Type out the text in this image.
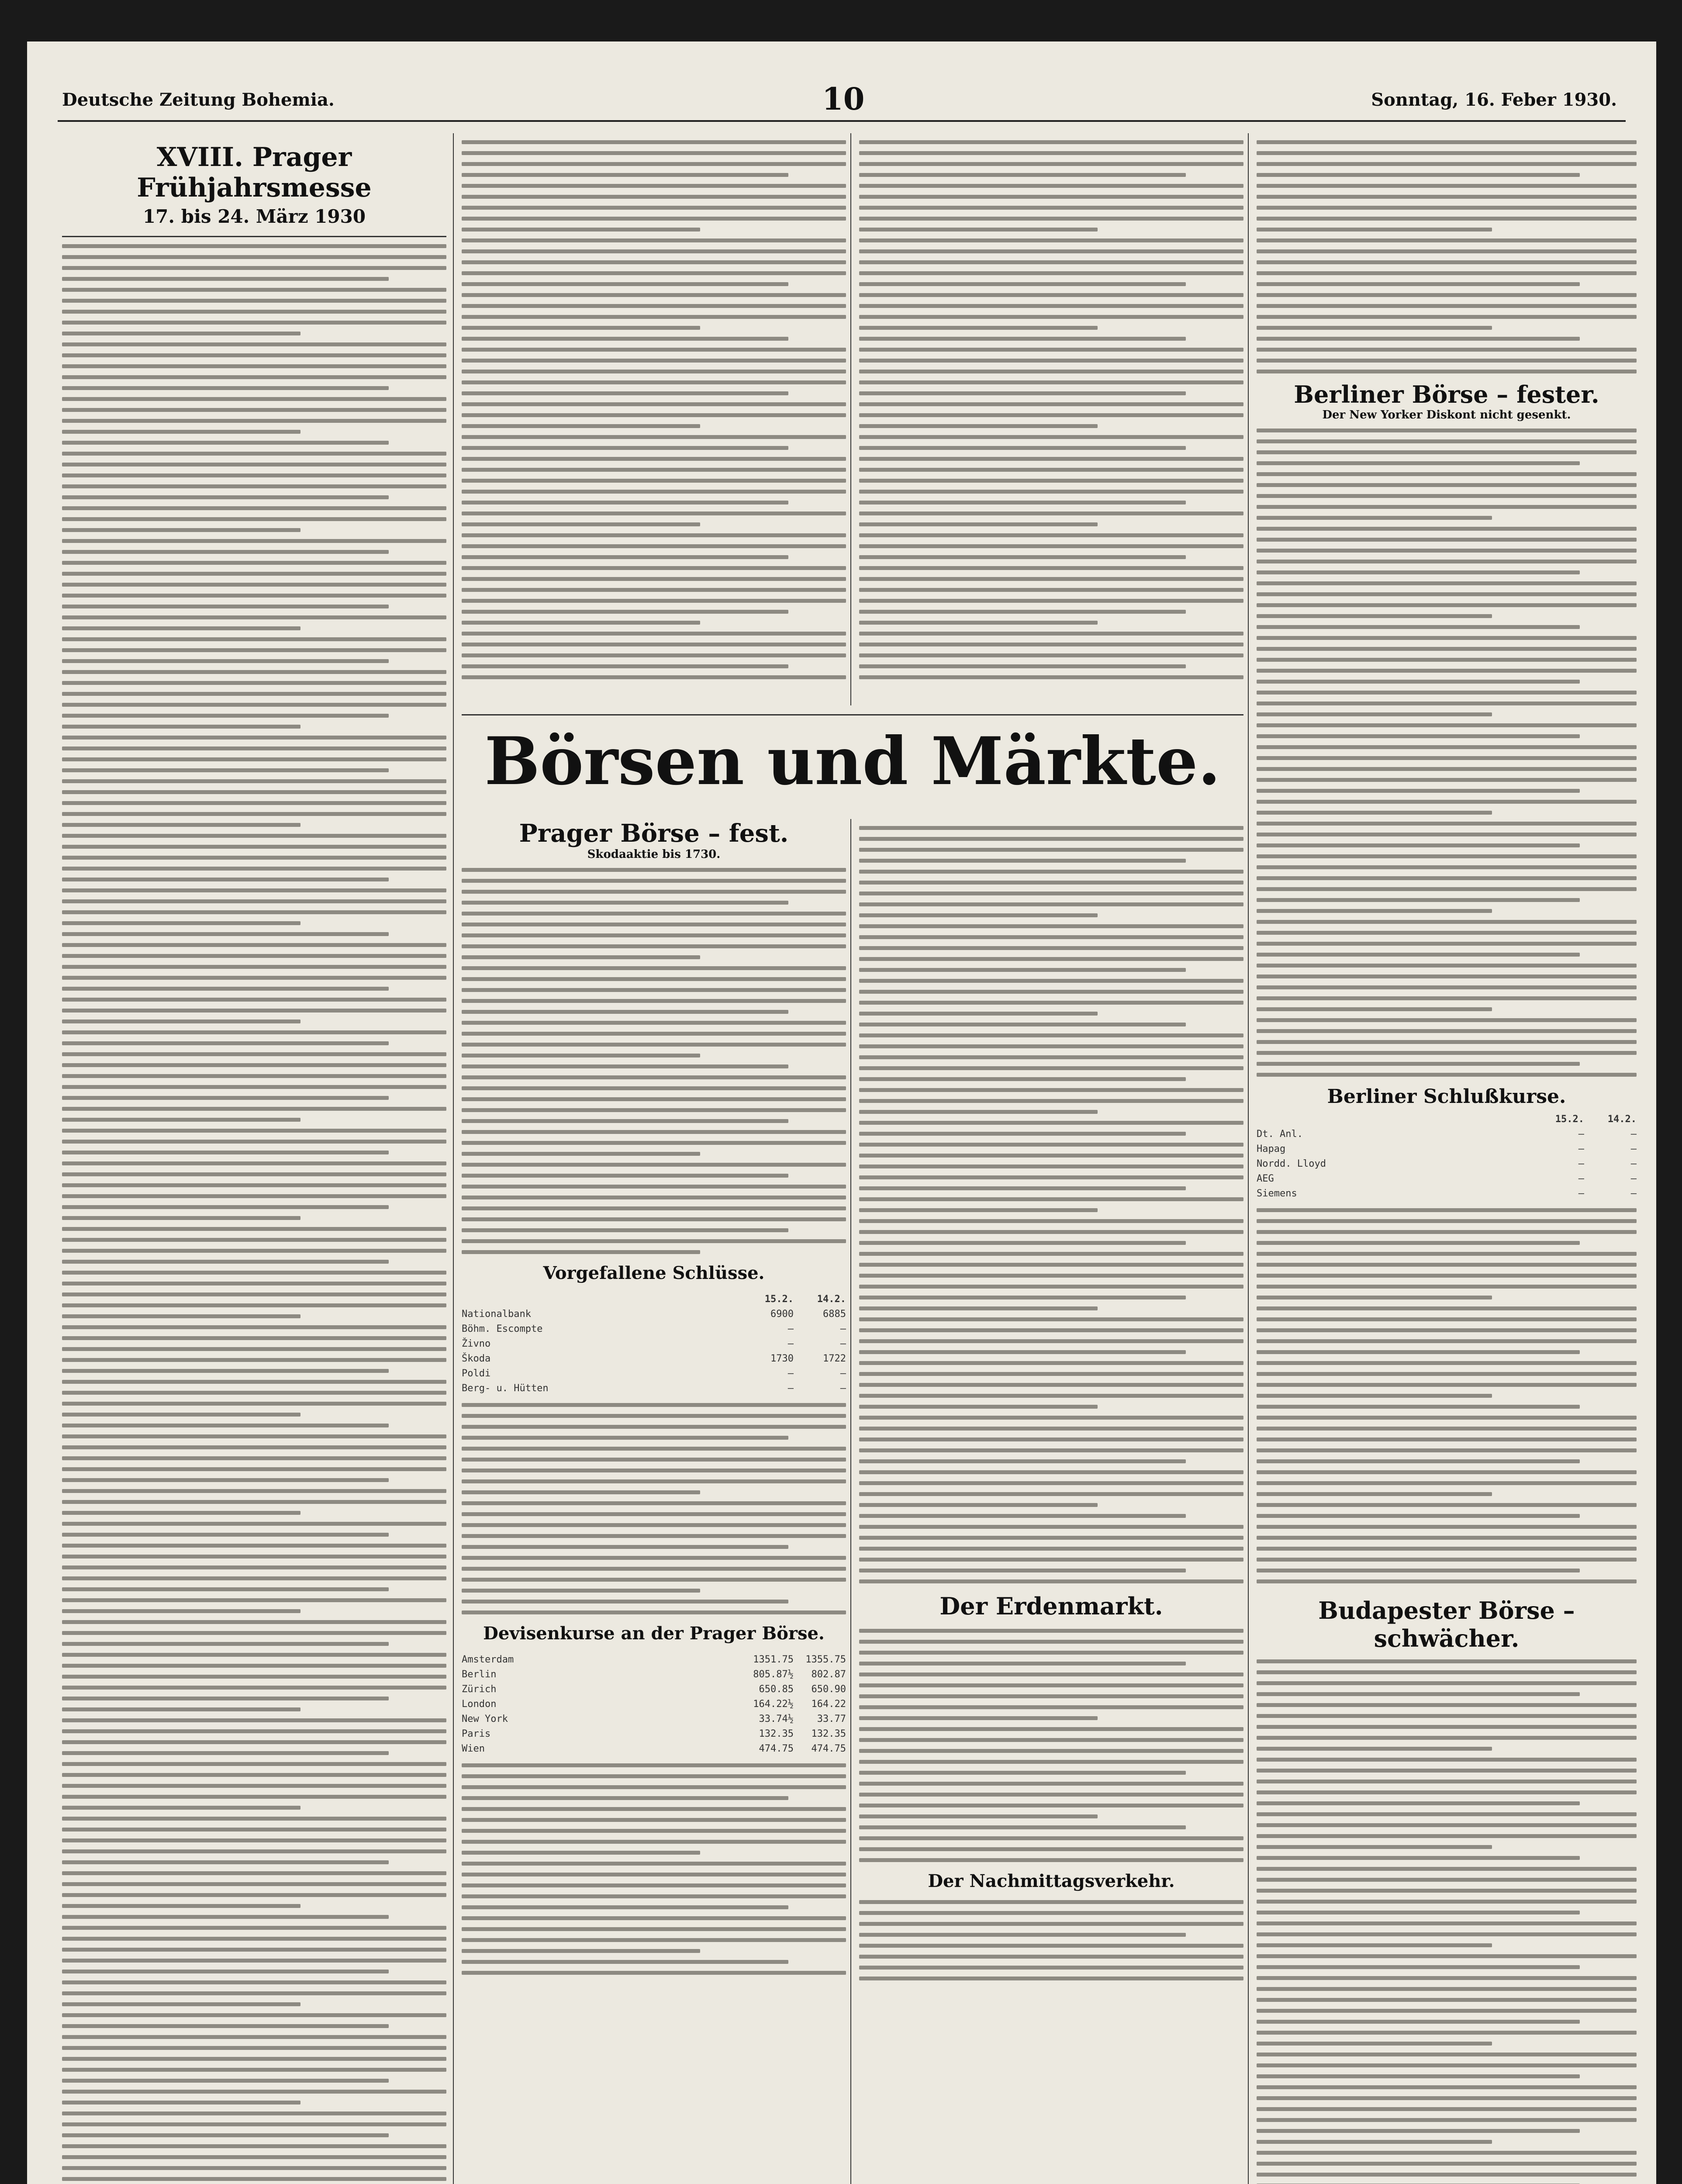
Deutsche Zeitung Bohemia.	10	Sonntag, 16. Feber 1930.
XVIII. Prager Frühjahrsmesse
17. bis 24. März 1930
Berliner Börse – fester.
Der New Yorker Diskont nicht gesenkt.
Berliner Schlußkurse.
15.2.	14.2.
Dt. Anl.	—	—
Hapag	—	—
Nordd. Lloyd	—	—
AEG	—	—
Siemens	—	—
Budapester Börse – schwächer.
Börsen und Märkte.
Prager Börse – fest.
Skodaaktie bis 1730.
Vorgefallene Schlüsse.
15.2.	14.2.
Nationalbank	6900	6885
Böhm. Escompte	—	—
Živno	—	—
Škoda	1730	1722
Poldi	—	—
Berg- u. Hütten	—	—
Devisenkurse an der Prager Börse.
Amsterdam	1351.75	1355.75
Berlin	805.87½	802.87
Zürich	650.85	650.90
London	164.22½	164.22
New York	33.74½	33.77
Paris	132.35	132.35
Wien	474.75	474.75
Der Erdenmarkt.
Der Nachmittagsverkehr.
